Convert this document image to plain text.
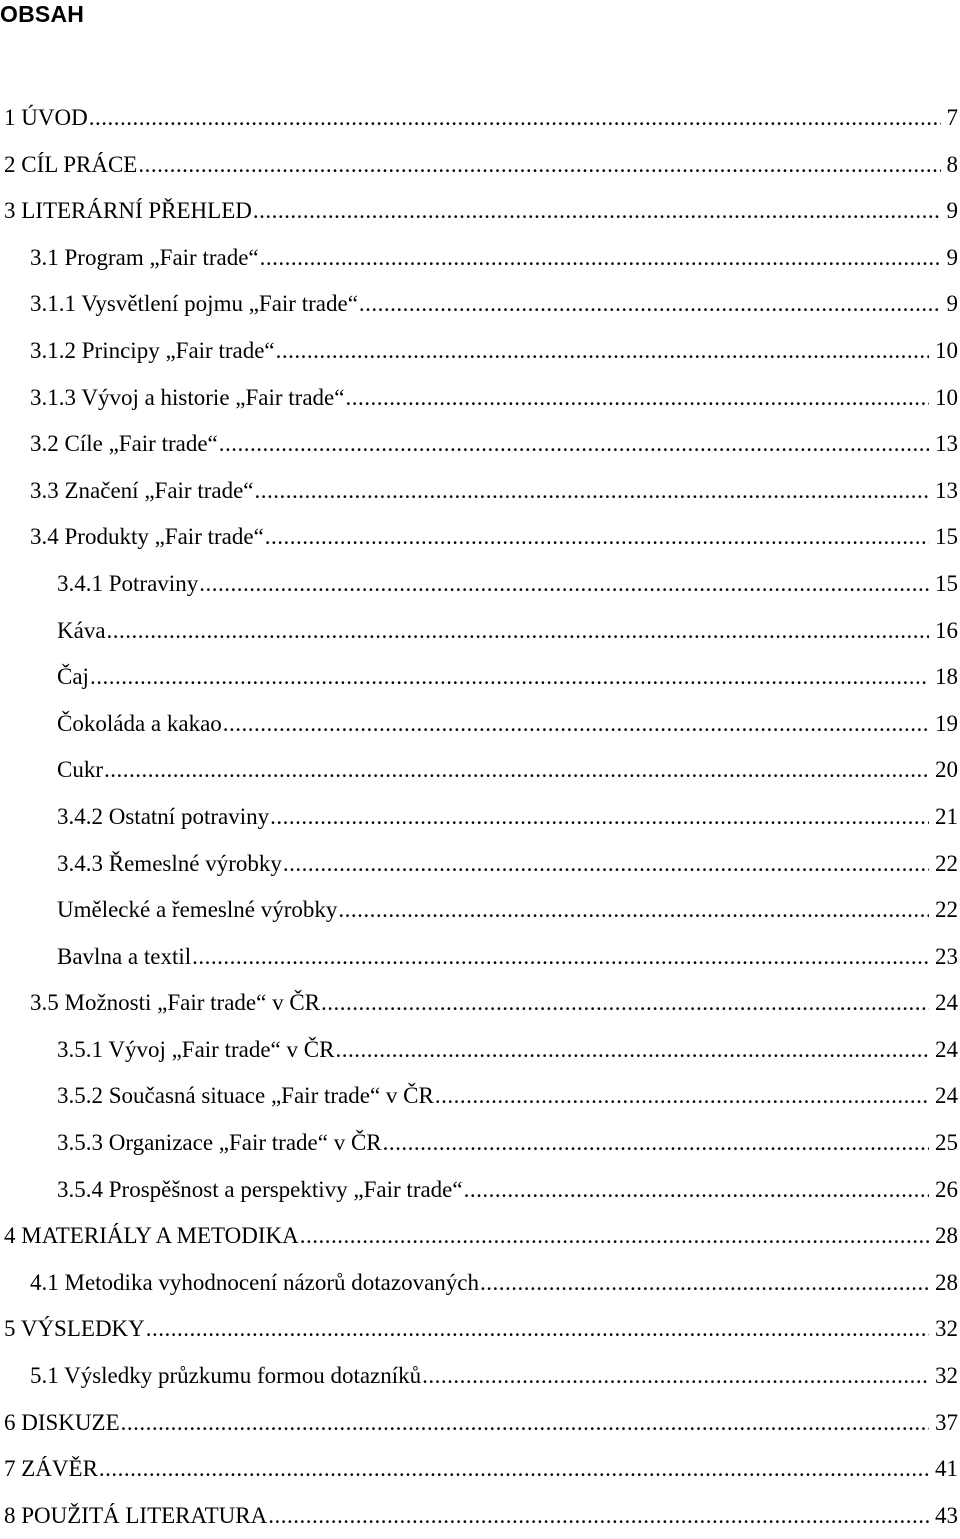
OBSAH
1 ÚVOD .....	7
2 CÍL PRÁCE .....	8
3 LITERÁRNÍ PŘEHLED .....	9
3.1 Program „Fair trade“ .....	9
3.1.1 Vysvětlení pojmu „Fair trade“ .....	9
3.1.2 Principy „Fair trade“ .....	10
3.1.3 Vývoj a historie „Fair trade“ .....	10
3.2 Cíle „Fair trade“ .....	13
3.3 Značení „Fair trade“ .....	13
3.4 Produkty „Fair trade“ .....	15
3.4.1 Potraviny .....	15
Káva .....	16
Čaj .....	18
Čokoláda a kakao .....	19
Cukr .....	20
3.4.2 Ostatní potraviny .....	21
3.4.3 Řemeslné výrobky .....	22
Umělecké a řemeslné výrobky .....	22
Bavlna a textil .....	23
3.5 Možnosti „Fair trade“ v ČR .....	24
3.5.1 Vývoj „Fair trade“ v ČR .....	24
3.5.2 Současná situace „Fair trade“ v ČR .....	24
3.5.3 Organizace „Fair trade“ v ČR .....	25
3.5.4 Prospěšnost a perspektivy „Fair trade“ .....	26
4 MATERIÁLY A METODIKA .....	28
4.1 Metodika vyhodnocení názorů dotazovaných .....	28
5 VÝSLEDKY .....	32
5.1 Výsledky průzkumu formou dotazníků .....	32
6 DISKUZE .....	37
7 ZÁVĚR .....	41
8 POUŽITÁ LITERATURA .....	43
